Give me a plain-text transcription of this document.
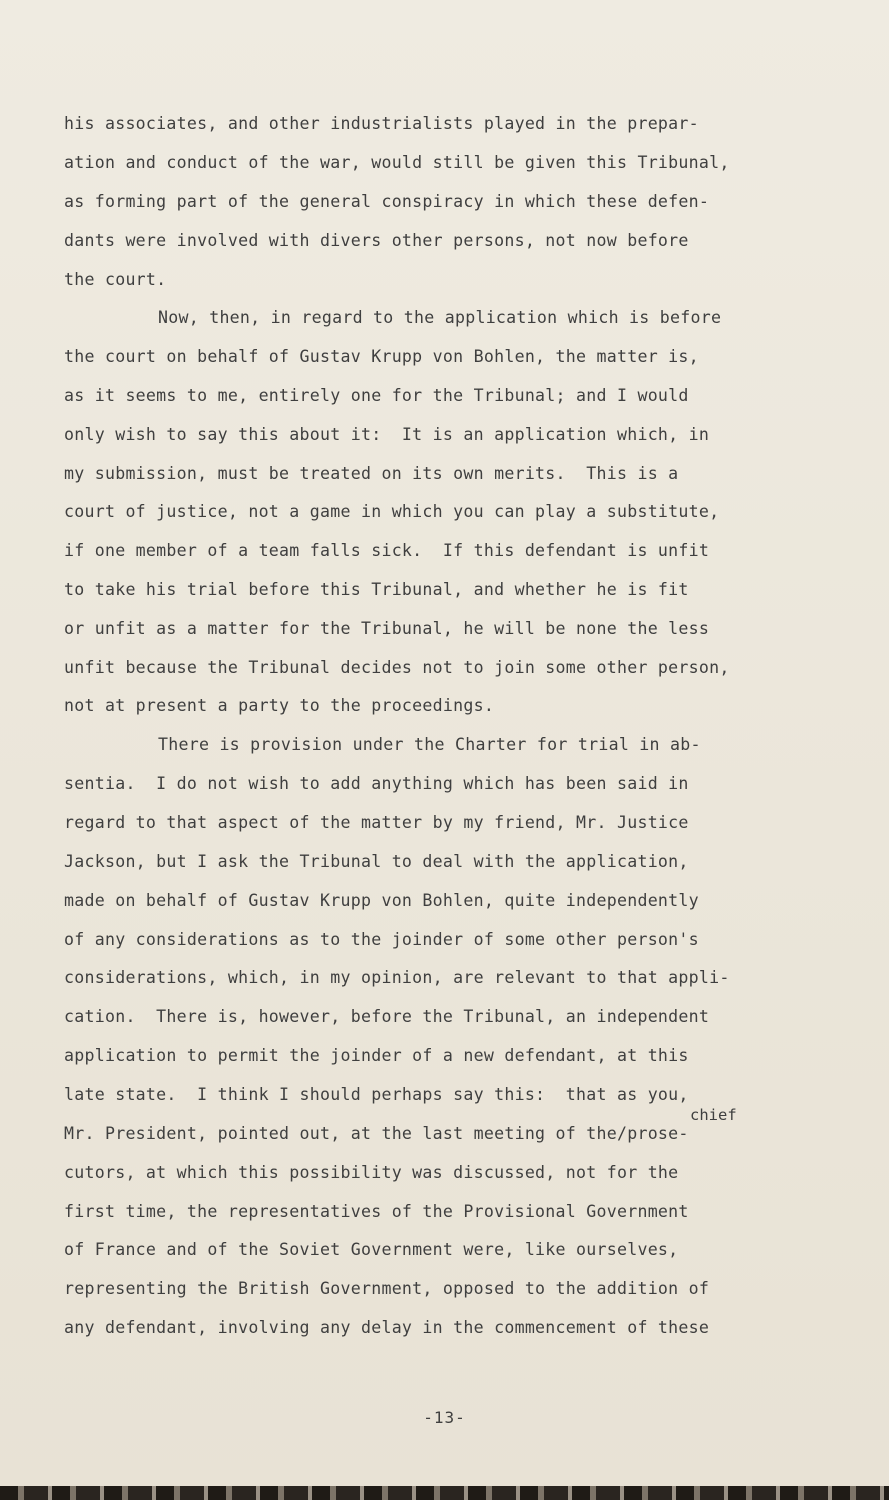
his associates, and other industrialists played in the prepar-
ation and conduct of the war, would still be given this Tribunal,
as forming part of the general conspiracy in which these defen-
dants were involved with divers other persons, not now before
the court.
Now, then, in regard to the application which is before
the court on behalf of Gustav Krupp von Bohlen, the matter is,
as it seems to me, entirely one for the Tribunal; and I would
only wish to say this about it:  It is an application which, in
my submission, must be treated on its own merits.  This is a
court of justice, not a game in which you can play a substitute,
if one member of a team falls sick.  If this defendant is unfit
to take his trial before this Tribunal, and whether he is fit
or unfit as a matter for the Tribunal, he will be none the less
unfit because the Tribunal decides not to join some other person,
not at present a party to the proceedings.
There is provision under the Charter for trial in ab-
sentia.  I do not wish to add anything which has been said in
regard to that aspect of the matter by my friend, Mr. Justice
Jackson, but I ask the Tribunal to deal with the application,
made on behalf of Gustav Krupp von Bohlen, quite independently
of any considerations as to the joinder of some other person's
considerations, which, in my opinion, are relevant to that appli-
cation.  There is, however, before the Tribunal, an independent
application to permit the joinder of a new defendant, at this
late state.  I think I should perhaps say this:  that as you,
chief
Mr. President, pointed out, at the last meeting of the/prose-
cutors, at which this possibility was discussed, not for the
first time, the representatives of the Provisional Government
of France and of the Soviet Government were, like ourselves,
representing the British Government, opposed to the addition of
any defendant, involving any delay in the commencement of these
-13-
